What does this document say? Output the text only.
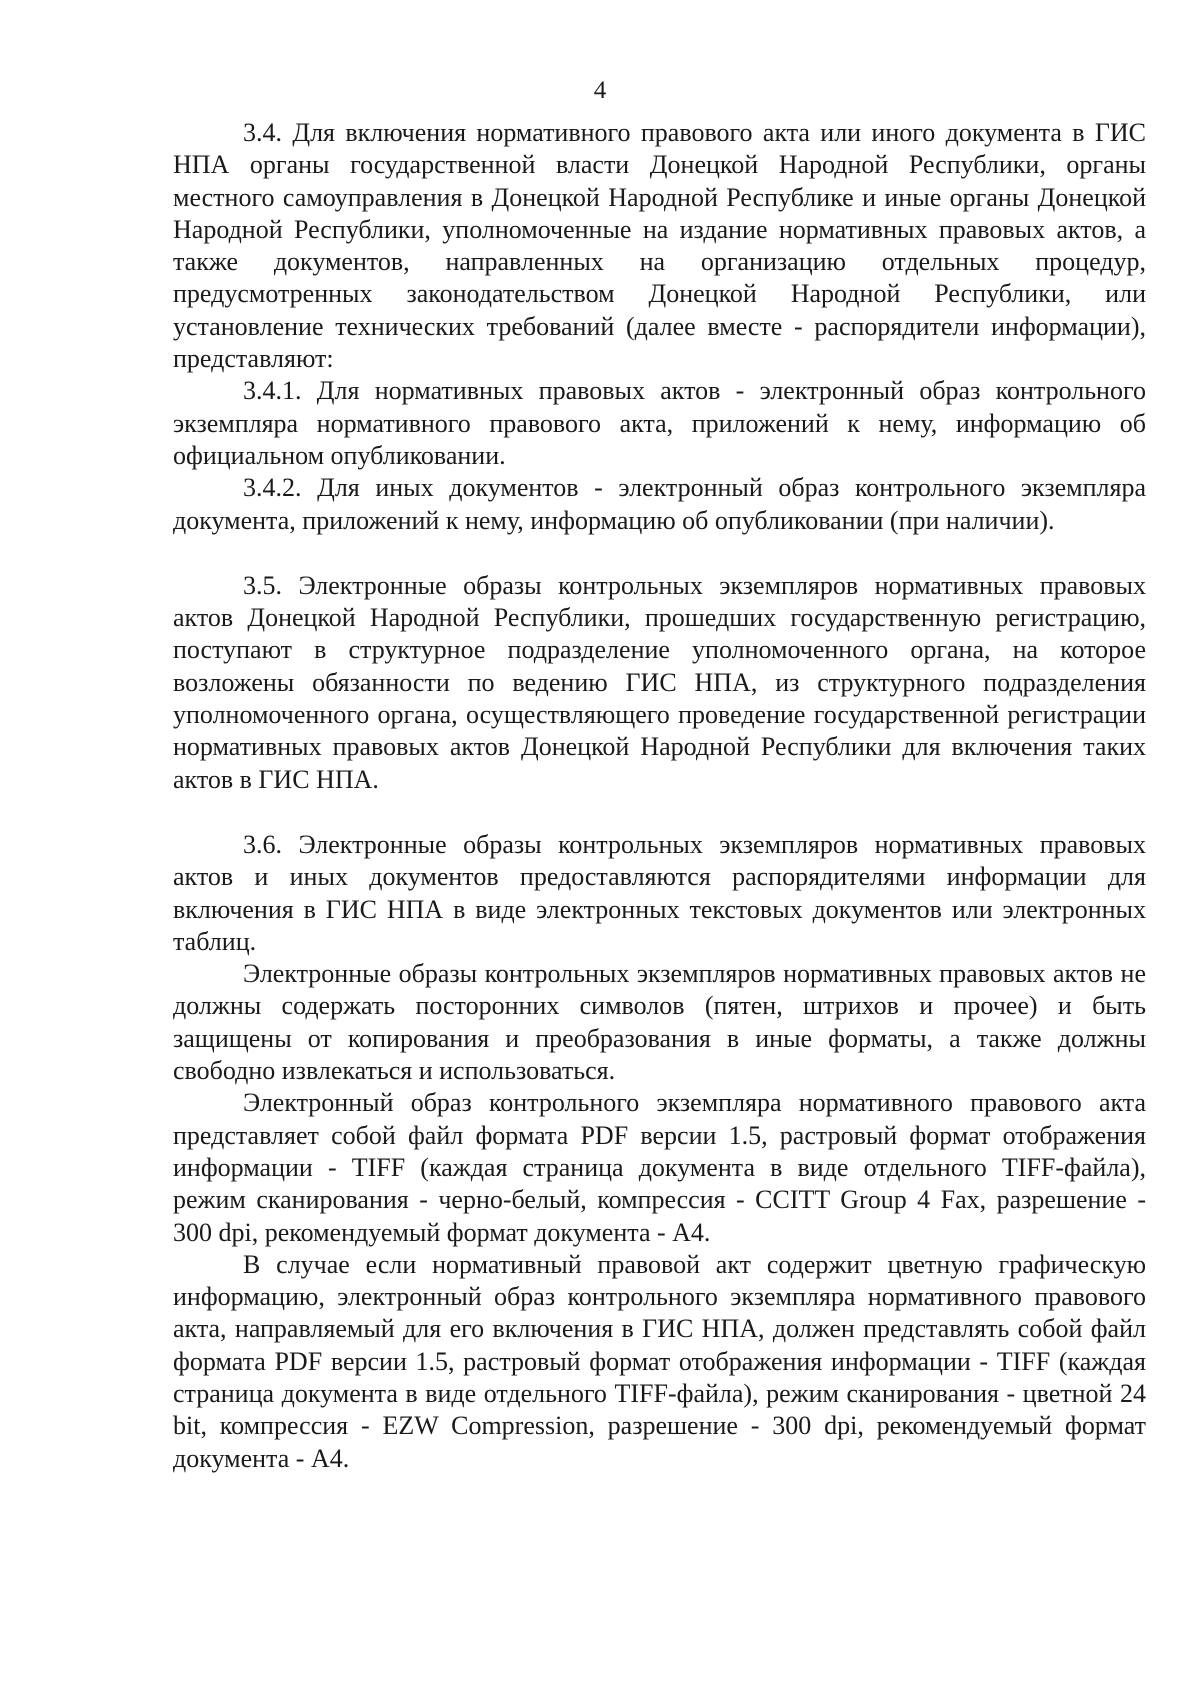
4

3.4. Для включения нормативного правового акта или иного документа в ГИС НПА органы государственной власти Донецкой Народной Республики, органы местного самоуправления в Донецкой Народной Республике и иные органы Донецкой Народной Республики, уполномоченные на издание нормативных правовых актов, а также документов, направленных на организацию отдельных процедур, предусмотренных законодательством Донецкой Народной Республики, или установление технических требований (далее вместе - распорядители информации), представляют:

3.4.1. Для нормативных правовых актов - электронный образ контрольного экземпляра нормативного правового акта, приложений к нему, информацию об официальном опубликовании.

3.4.2. Для иных документов - электронный образ контрольного экземпляра документа, приложений к нему, информацию об опубликовании (при наличии).

3.5. Электронные образы контрольных экземпляров нормативных правовых актов Донецкой Народной Республики, прошедших государственную регистрацию, поступают в структурное подразделение уполномоченного органа, на которое возложены обязанности по ведению ГИС НПА, из структурного подразделения уполномоченного органа, осуществляющего проведение государственной регистрации нормативных правовых актов Донецкой Народной Республики для включения таких актов в ГИС НПА.

3.6. Электронные образы контрольных экземпляров нормативных правовых актов и иных документов предоставляются распорядителями информации для включения в ГИС НПА в виде электронных текстовых документов или электронных таблиц.

Электронные образы контрольных экземпляров нормативных правовых актов не должны содержать посторонних символов (пятен, штрихов и прочее) и быть защищены от копирования и преобразования в иные форматы, а также должны свободно извлекаться и использоваться.

Электронный образ контрольного экземпляра нормативного правового акта представляет собой файл формата PDF версии 1.5, растровый формат отображения информации - TIFF (каждая страница документа в виде отдельного TIFF-файла), режим сканирования - черно-белый, компрессия - CCITT Group 4 Fax, разрешение - 300 dpi, рекомендуемый формат документа - А4.

В случае если нормативный правовой акт содержит цветную графическую информацию, электронный образ контрольного экземпляра нормативного правового акта, направляемый для его включения в ГИС НПА, должен представлять собой файл формата PDF версии 1.5, растровый формат отображения информации - TIFF (каждая страница документа в виде отдельного TIFF-файла), режим сканирования - цветной 24 bit, компрессия - EZW Compression, разрешение - 300 dpi, рекомендуемый формат документа - А4.
